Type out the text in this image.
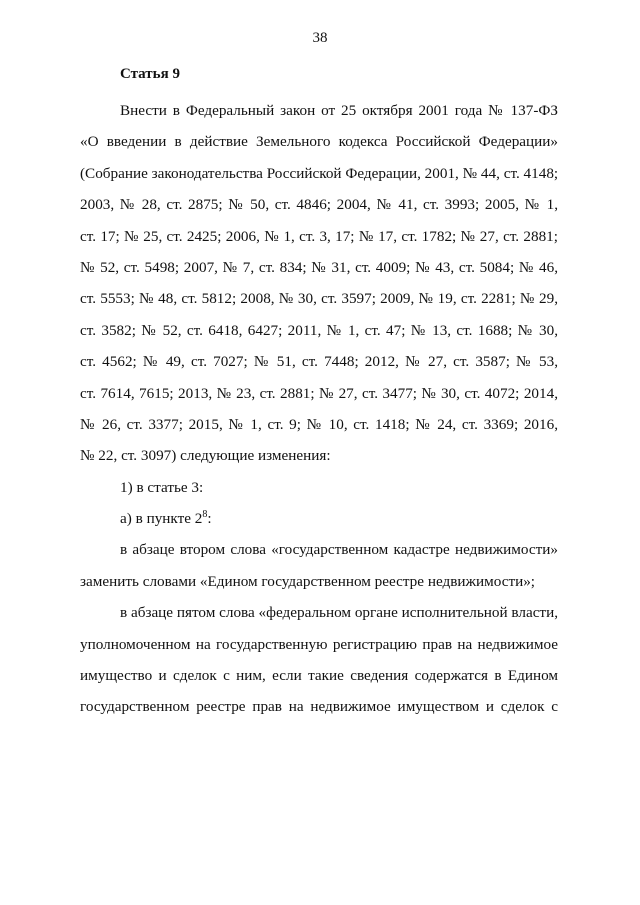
38
Статья 9
Внести в Федеральный закон от 25 октября 2001 года № 137-ФЗ
«О введении в действие Земельного кодекса Российской Федерации»
(Собрание законодательства Российской Федерации, 2001, № 44, ст. 4148;
2003, № 28, ст. 2875; № 50, ст. 4846; 2004, № 41, ст. 3993; 2005, № 1,
ст. 17; № 25, ст. 2425; 2006, № 1, ст. 3, 17; № 17, ст. 1782; № 27, ст. 2881;
№ 52, ст. 5498; 2007, № 7, ст. 834; № 31, ст. 4009; № 43, ст. 5084; № 46,
ст. 5553; № 48, ст. 5812; 2008, № 30, ст. 3597; 2009, № 19, ст. 2281; № 29,
ст. 3582; № 52, ст. 6418, 6427; 2011, № 1, ст. 47; № 13, ст. 1688; № 30,
ст. 4562; № 49, ст. 7027; № 51, ст. 7448; 2012, № 27, ст. 3587; № 53,
ст. 7614, 7615; 2013, № 23, ст. 2881; № 27, ст. 3477; № 30, ст. 4072; 2014,
№ 26, ст. 3377; 2015, № 1, ст. 9; № 10, ст. 1418; № 24, ст. 3369; 2016,
№ 22, ст. 3097) следующие изменения:
1) в статье 3:
а) в пункте $2^8$:
в абзаце втором слова «государственном кадастре недвижимости»
заменить словами «Едином государственном реестре недвижимости»;
в абзаце пятом слова «федеральном органе исполнительной власти,
уполномоченном на государственную регистрацию прав на недвижимое
имущество и сделок с ним, если такие сведения содержатся в Едином
государственном реестре прав на недвижимое имуществом и сделок с
